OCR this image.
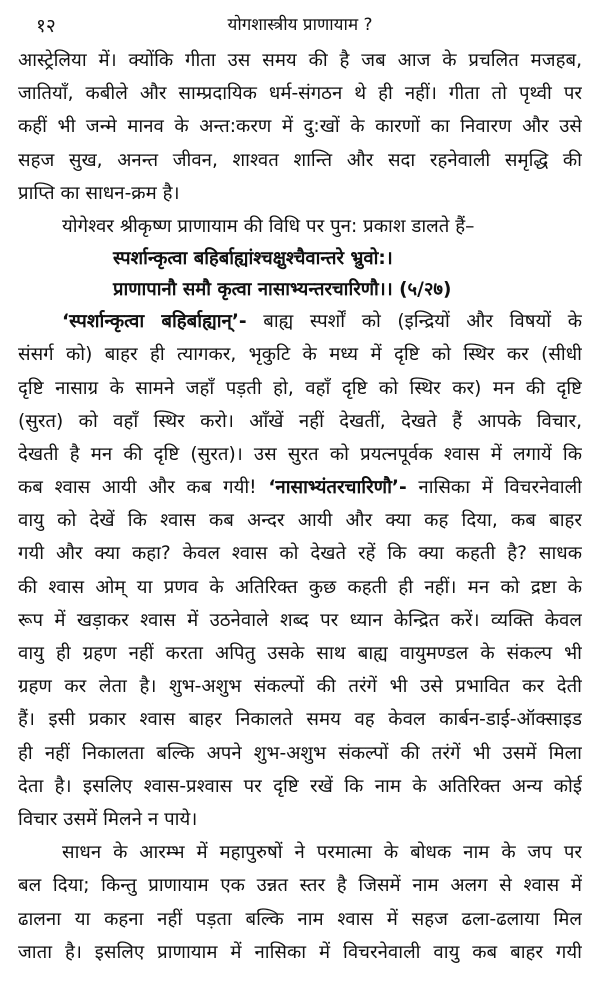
१२	योगशास्त्रीय प्राणायाम ?
आस्ट्रेलिया में। क्योंकि गीता उस समय की है जब आज के प्रचलित मजहब,
जातियाँ, कबीले और साम्प्रदायिक धर्म-संगठन थे ही नहीं। गीता तो पृथ्वी पर
कहीं भी जन्मे मानव के अन्त:करण में दु:खों के कारणों का निवारण और उसे
सहज सुख, अनन्त जीवन, शाश्वत शान्ति और सदा रहनेवाली समृद्धि की
प्राप्ति का साधन-क्रम है।
योगेश्वर श्रीकृष्ण प्राणायाम की विधि पर पुन: प्रकाश डालते हैं–
स्पर्शान्कृत्वा बहिर्बाह्यांश्चक्षुश्चैवान्तरे भ्रुवो:।
प्राणापानौ समौ कृत्वा नासाभ्यन्तरचारिणौ।। (५/२७)
‘स्पर्शान्कृत्वा बहिर्बाह्यान्’- बाह्य स्पर्शों को (इन्द्रियों और विषयों के
संसर्ग को) बाहर ही त्यागकर, भृकुटि के मध्य में दृष्टि को स्थिर कर (सीधी
दृष्टि नासाग्र के सामने जहाँ पड़ती हो, वहाँ दृष्टि को स्थिर कर) मन की दृष्टि
(सुरत) को वहाँ स्थिर करो। आँखें नहीं देखतीं, देखते हैं आपके विचार,
देखती है मन की दृष्टि (सुरत)। उस सुरत को प्रयत्नपूर्वक श्वास में लगायें कि
कब श्वास आयी और कब गयी! ‘नासाभ्यंतरचारिणौ’- नासिका में विचरनेवाली
वायु को देखें कि श्वास कब अन्दर आयी और क्या कह दिया, कब बाहर
गयी और क्या कहा? केवल श्वास को देखते रहें कि क्या कहती है? साधक
की श्वास ओम् या प्रणव के अतिरिक्त कुछ कहती ही नहीं। मन को द्रष्टा के
रूप में खड़ाकर श्वास में उठनेवाले शब्द पर ध्यान केन्द्रित करें। व्यक्ति केवल
वायु ही ग्रहण नहीं करता अपितु उसके साथ बाह्य वायुमण्डल के संकल्प भी
ग्रहण कर लेता है। शुभ-अशुभ संकल्पों की तरंगें भी उसे प्रभावित कर देती
हैं। इसी प्रकार श्वास बाहर निकालते समय वह केवल कार्बन-डाई-ऑक्साइड
ही नहीं निकालता बल्कि अपने शुभ-अशुभ संकल्पों की तरंगें भी उसमें मिला
देता है। इसलिए श्वास-प्रश्वास पर दृष्टि रखें कि नाम के अतिरिक्त अन्य कोई
विचार उसमें मिलने न पाये।
साधन के आरम्भ में महापुरुषों ने परमात्मा के बोधक नाम के जप पर
बल दिया; किन्तु प्राणायाम एक उन्नत स्तर है जिसमें नाम अलग से श्वास में
ढालना या कहना नहीं पड़ता बल्कि नाम श्वास में सहज ढला-ढलाया मिल
जाता है। इसलिए प्राणायाम में नासिका में विचरनेवाली वायु कब बाहर गयी
